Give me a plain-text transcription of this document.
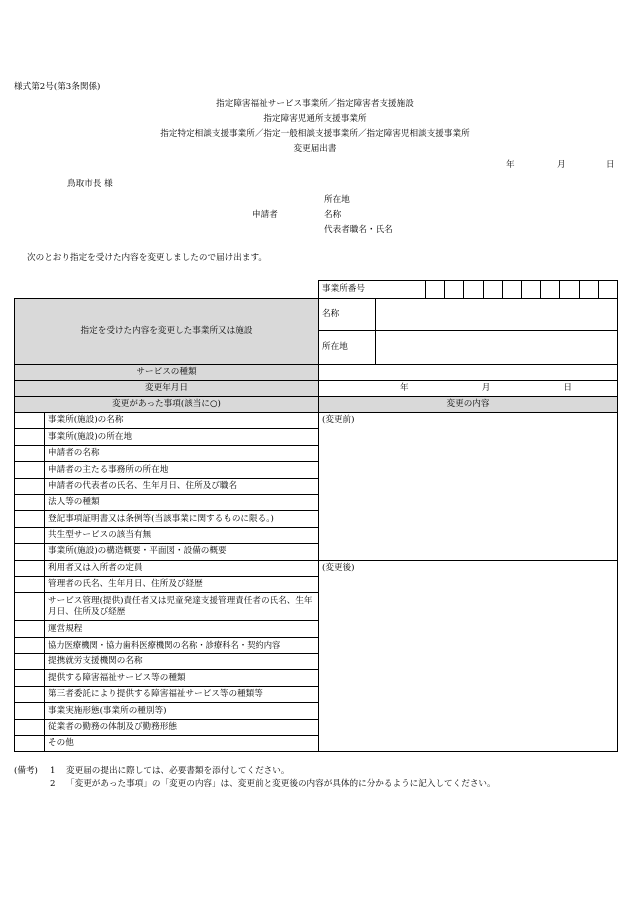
様式第2号(第3条関係)
指定障害福祉サービス事業所／指定障害者支援施設
指定障害児通所支援事業所
指定特定相談支援事業所／指定一般相談支援事業所／指定障害児相談支援事業所
変更届出書
年	月	日
鳥取市長 様
所在地
申請者	名称
代表者職名・氏名
次のとおり指定を受けた内容を変更しましたので届け出ます。

		事業所番号	

指定を受けた内容を変更した事業所又は施設		名称	
		所在地	
サービスの種類			
変更年月日		年 月 日	

変更があった事項(該当に○)		変更の内容	
	事業所(施設)の名称	(変更前)	
	事業所(施設)の所在地		
	申請者の名称		
	申請者の主たる事務所の所在地		
	申請者の代表者の氏名、生年月日、住所及び職名		
	法人等の種類		
	登記事項証明書又は条例等(当該事業に関するものに限る。)		
	共生型サービスの該当有無		
	事業所(施設)の構造概要・平面図・設備の概要		
	利用者又は入所者の定員	(変更後)	
	管理者の氏名、生年月日、住所及び経歴		
	サービス管理(提供)責任者又は児童発達支援管理責任者の氏名、生年月日、住所及び経歴		
	運営規程		
	協力医療機関・協力歯科医療機関の名称・診療科名・契約内容		
	提携就労支援機関の名称		
	提供する障害福祉サービス等の種類		
	第三者委託により提供する障害福祉サービス等の種類等		
	事業実施形態(事業所の種別等)		
	従業者の勤務の体制及び勤務形態		
	その他		
(備考) 1 変更届の提出に際しては、必要書類を添付してください。
2 「変更があった事項」の「変更の内容」は、変更前と変更後の内容が具体的に分かるように記入してください。
